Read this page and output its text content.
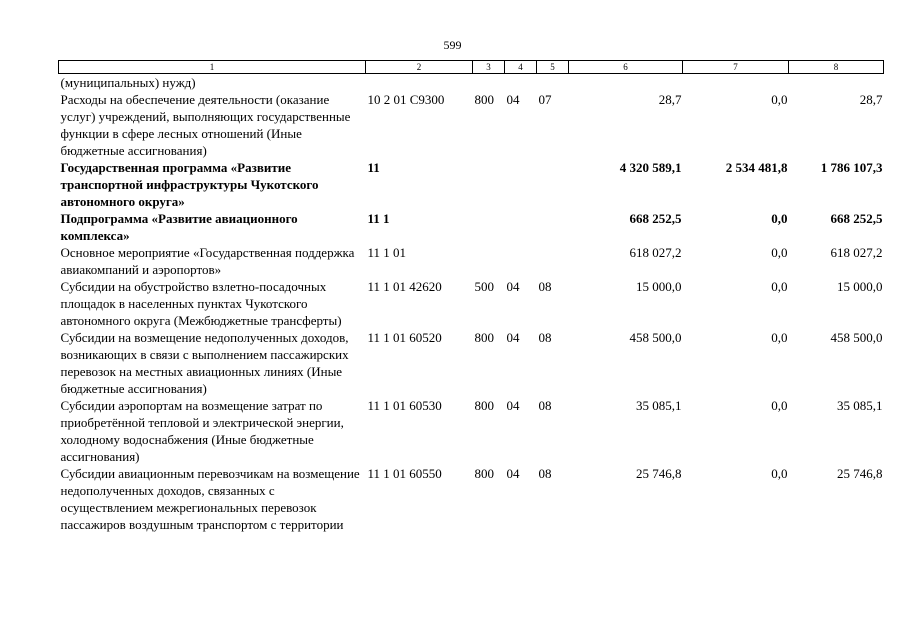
599
1	2	3	4	5	6	7	8
(муниципальных) нужд)							
Расходы на обеспечение деятельности (оказание услуг) учреждений, выполняющих государственные функции в сфере лесных отношений (Иные бюджетные ассигнования)	10 2 01 С9300	800	04	07	28,7	0,0	28,7
Государственная программа «Развитие транспортной инфраструктуры Чукотского автономного округа»	11				4 320 589,1	2 534 481,8	1 786 107,3
Подпрограмма «Развитие авиационного комплекса»	11 1				668 252,5	0,0	668 252,5
Основное мероприятие «Государственная поддержка авиакомпаний и аэропортов»	11 1 01				618 027,2	0,0	618 027,2
Субсидии на обустройство взлетно-посадочных площадок в населенных пунктах Чукотского автономного округа (Межбюджетные трансферты)	11 1 01 42620	500	04	08	15 000,0	0,0	15 000,0
Субсидии на возмещение недополученных доходов, возникающих в связи с выполнением пассажирских перевозок на местных авиационных линиях (Иные бюджетные ассигнования)	11 1 01 60520	800	04	08	458 500,0	0,0	458 500,0
Субсидии аэропортам на возмещение затрат по приобретённой тепловой и электрической энергии, холодному водоснабжения (Иные бюджетные ассигнования)	11 1 01 60530	800	04	08	35 085,1	0,0	35 085,1
Субсидии авиационным перевозчикам на возмещение недополученных доходов, связанных с осуществлением межрегиональных перевозок пассажиров воздушным транспортом с территории	11 1 01 60550	800	04	08	25 746,8	0,0	25 746,8
